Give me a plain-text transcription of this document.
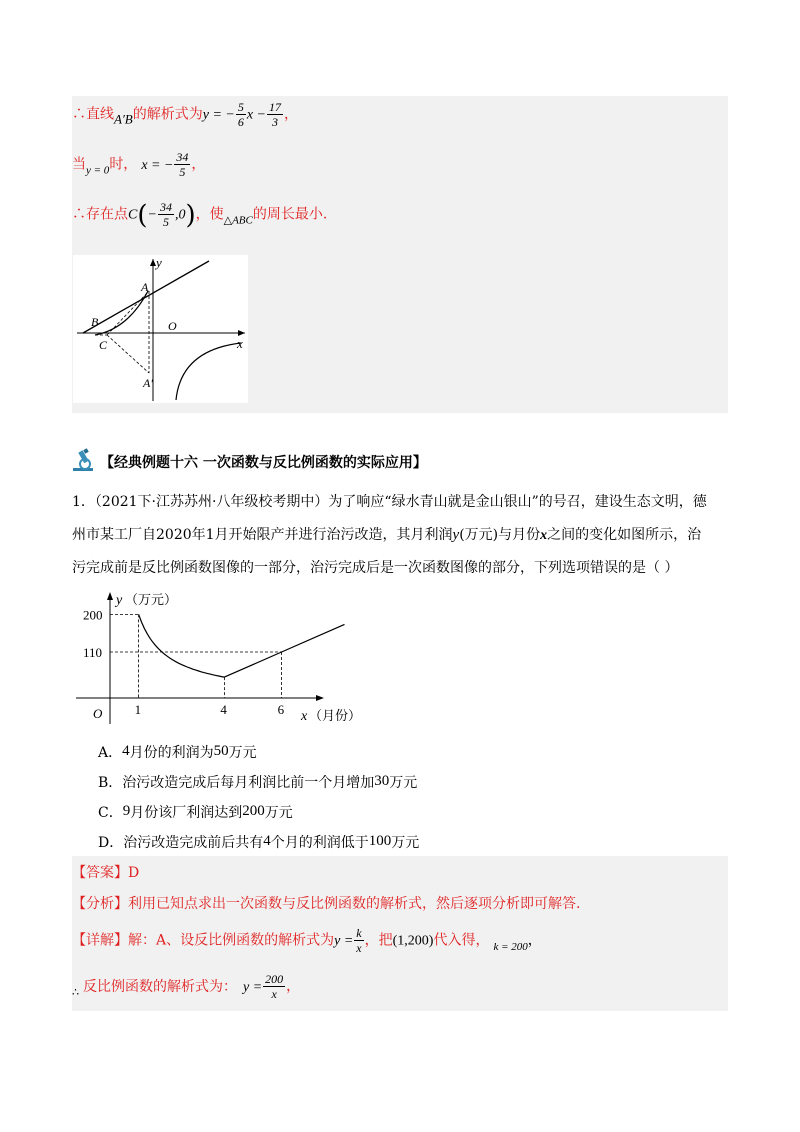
∴直线A′B的解析式为y = − $\frac{5}{6}$ $x - \frac{17}{3}$ ，
当$_{y = 0}$时， x = − $\frac{34}{5}$ ，
∴存在点$C(- \frac{34}{5} ,0)$，使$_{\triangle ABC}$的周长最小.
y
x
A
B
C
O
A′
【经典例题十六 一次函数与反比例函数的实际应用】
1．（2021下·江苏苏州·八年级校考期中）为了响应“绿水青山就是金山银山”的号召，建设生态文明，德
州市某工厂自2020年1月开始限产并进行治污改造，其月利润y(万元)与月份x之间的变化如图所示，治
污完成前是反比例函数图像的一部分，治污完成后是一次函数图像的部分，下列选项错误的是（ ）
y （万元）
x （月份）
O
200
110
1	4	6
A．4月份的利润为50万元
B．治污改造完成后每月利润比前一个月增加30万元
C．9月份该厂利润达到200万元
D．治污改造完成前后共有4个月的利润低于100万元
【答案】D
【分析】利用已知点求出一次函数与反比例函数的解析式，然后逐项分析即可解答.
【详解】解：A、设反比例函数的解析式为$y = \frac{k}{x}$ ，把(1,200)代入得， $_{k = 200}$，
$_\therefore$ 反比例函数的解析式为： $y = \frac{200}{x}$ ，
